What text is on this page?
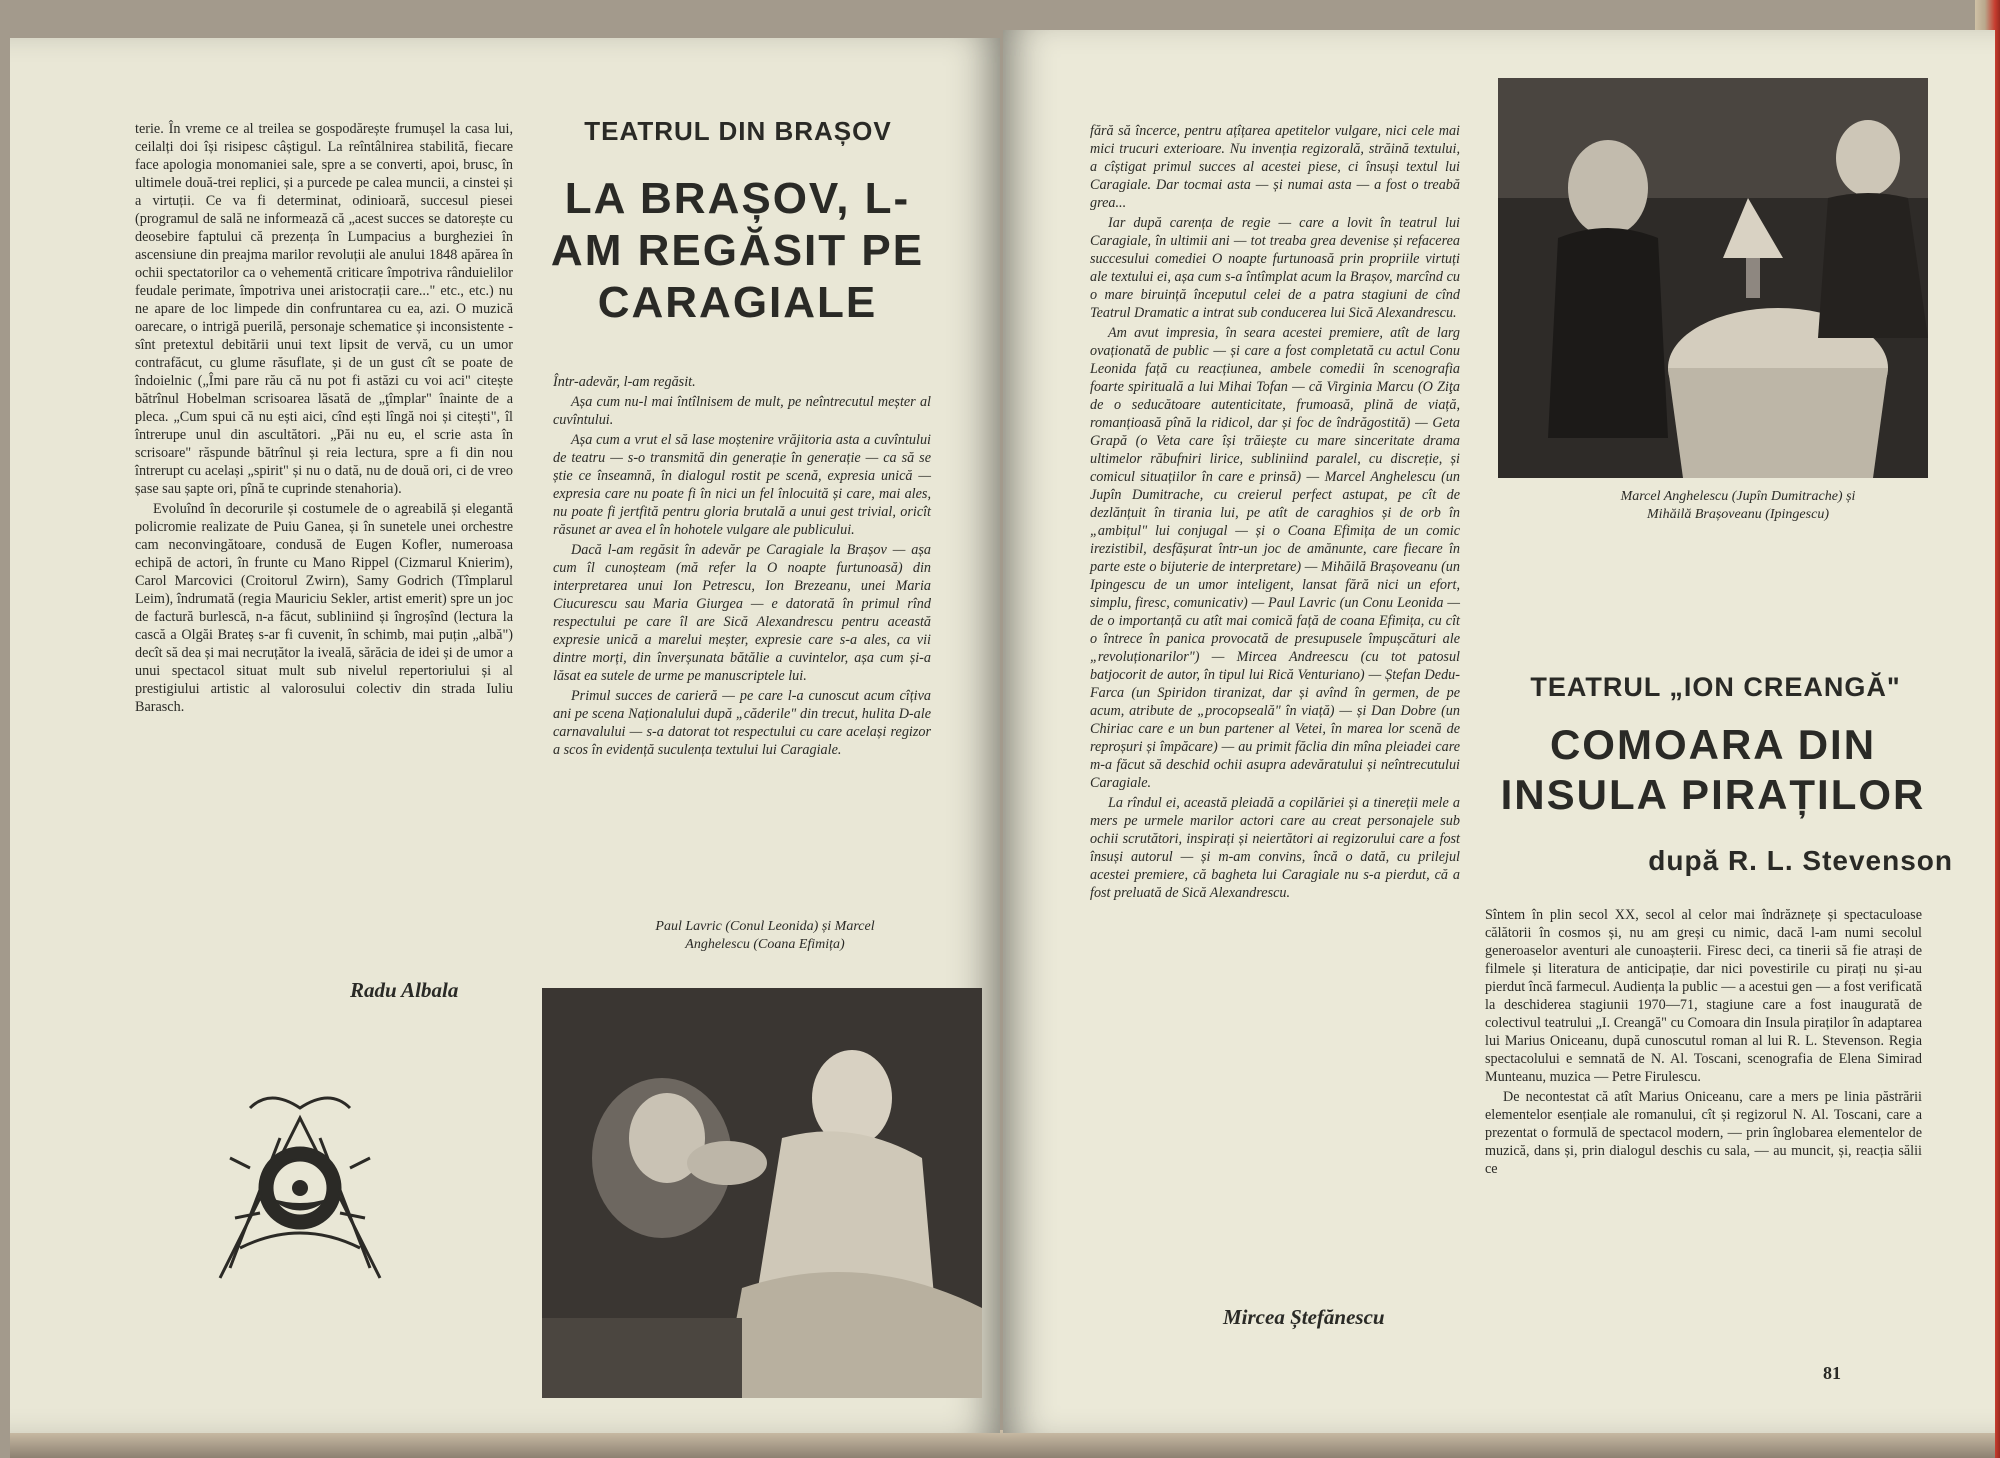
terie. În vreme ce al treilea se gospodărește frumușel la casa lui, ceilalți doi își risipesc câștigul. La reîntâlnirea stabilită, fiecare face apologia monomaniei sale, spre a se converti, apoi, brusc, în ultimele două-trei replici, și a purcede pe calea muncii, a cinstei și a virtuții. Ce va fi determinat, odinioară, succesul piesei (programul de sală ne informează că „acest succes se datorește cu deosebire faptului că prezența în Lumpacius a burgheziei în ascensiune din preajma marilor revoluții ale anului 1848 apărea în ochii spectatorilor ca o vehementă criticare împotriva rânduielilor feudale perimate, împotriva unei aristocrații care..." etc., etc.) nu ne apare de loc limpede din confruntarea cu ea, azi. O muzică oarecare, o intrigă puerilă, personaje schematice și inconsistente - sînt pretextul debitării unui text lipsit de vervă, cu un umor contrafăcut, cu glume răsuflate, și de un gust cît se poate de îndoielnic („Îmi pare rău că nu pot fi astăzi cu voi aci" citește bătrînul Hobelman scrisoarea lăsată de „ţîmplar" înainte de a pleca. „Cum spui că nu ești aici, cînd ești lîngă noi și citești", îl întrerupe unul din ascultători. „Păi nu eu, el scrie asta în scrisoare" răspunde bătrînul și reia lectura, spre a fi din nou întrerupt cu același „spirit" și nu o dată, nu de două ori, ci de vreo șase sau șapte ori, pînă te cuprinde stenahoria).

Evoluînd în decorurile și costumele de o agreabilă și elegantă policromie realizate de Puiu Ganea, și în sunetele unei orchestre cam neconvingătoare, condusă de Eugen Kofler, numeroasa echipă de actori, în frunte cu Mano Rippel (Cizmarul Knierim), Carol Marcovici (Croitorul Zwirn), Samy Godrich (Tîmplarul Leim), îndrumată (regia Mauriciu Sekler, artist emerit) spre un joc de factură burlescă, n-a făcut, subliniind și îngroșînd (lectura la cască a Olgăi Brateș s-ar fi cuvenit, în schimb, mai puțin „albă") decît să dea și mai necruțător la iveală, sărăcia de idei și de umor a unui spectacol situat mult sub nivelul repertoriului și al prestigiului artistic al valorosului colectiv din strada Iuliu Barasch.

Radu Albala
TEATRUL DIN BRAȘOV
LA BRAȘOV, L-AM REGĂSIT PE CARAGIALE

Într-adevăr, l-am regăsit.

Așa cum nu-l mai întîlnisem de mult, pe neîntrecutul meșter al cuvîntului.

Așa cum a vrut el să lase moștenire vrăjitoria asta a cuvîntului de teatru — s-o transmită din generație în generație — ca să se știe ce înseamnă, în dialogul rostit pe scenă, expresia unică — expresia care nu poate fi în nici un fel înlocuită și care, mai ales, nu poate fi jertfită pentru gloria brutală a unui gest trivial, oricît răsunet ar avea el în hohotele vulgare ale publicului.

Dacă l-am regăsit în adevăr pe Caragiale la Brașov — așa cum îl cunoșteam (mă refer la O noapte furtunoasă) din interpretarea unui Ion Petrescu, Ion Brezeanu, unei Maria Ciucurescu sau Maria Giurgea — e datorată în primul rînd respectului pe care îl are Sică Alexandrescu pentru această expresie unică a marelui meșter, expresie care s-a ales, ca vii dintre morți, din înverșunata bătălie a cuvintelor, așa cum și-a lăsat ea sutele de urme pe manuscriptele lui.

Primul succes de carieră — pe care l-a cunoscut acum cîțiva ani pe scena Naționalului după „căderile" din trecut, hulita D-ale carnavalului — s-a datorat tot respectului cu care același regizor a scos în evidență suculența textului lui Caragiale.

Paul Lavric (Conul Leonida) și Marcel Anghelescu (Coana Efimița)

fără să încerce, pentru ațîțarea apetitelor vulgare, nici cele mai mici trucuri exterioare. Nu invenția regizorală, străină textului, a cîștigat primul succes al acestei piese, ci însuși textul lui Caragiale. Dar tocmai asta — și numai asta — a fost o treabă grea...

Iar după carența de regie — care a lovit în teatrul lui Caragiale, în ultimii ani — tot treaba grea devenise și refacerea succesului comediei O noapte furtunoasă prin propriile virtuți ale textului ei, așa cum s-a întîmplat acum la Brașov, marcînd cu o mare biruință începutul celei de a patra stagiuni de cînd Teatrul Dramatic a intrat sub conducerea lui Sică Alexandrescu.

Am avut impresia, în seara acestei premiere, atît de larg ovaționată de public — și care a fost completată cu actul Conu Leonida față cu reacțiunea, ambele comedii în scenografia foarte spirituală a lui Mihai Tofan — că Virginia Marcu (O Ziţa de o seducătoare autenticitate, frumoasă, plină de viață, romanțioasă pînă la ridicol, dar și foc de îndrăgostită) — Geta Grapă (o Veta care își trăiește cu mare sinceritate drama ultimelor răbufniri lirice, subliniind paralel, cu discreție, și comicul situațiilor în care e prinsă) — Marcel Anghelescu (un Jupîn Dumitrache, cu creierul perfect astupat, pe cît de dezlănțuit în tirania lui, pe atît de caraghios și de orb în „ambițul" lui conjugal — și o Coana Efimița de un comic irezistibil, desfășurat într-un joc de amănunte, care fiecare în parte este o bijuterie de interpretare) — Mihăilă Brașoveanu (un Ipingescu de un umor inteligent, lansat fără nici un efort, simplu, firesc, comunicativ) — Paul Lavric (un Conu Leonida — de o importanță cu atît mai comică față de coana Efimița, cu cît o întrece în panica provocată de presupusele împușcături ale „revoluționarilor") — Mircea Andreescu (cu tot patosul batjocorit de autor, în tipul lui Rică Venturiano) — Ștefan Dedu-Farca (un Spiridon tiranizat, dar și avînd în germen, de pe acum, atribute de „procopseală" în viață) — și Dan Dobre (un Chiriac care e un bun partener al Vetei, în marea lor scenă de reproșuri și împăcare) — au primit făclia din mîna pleiadei care m-a făcut să deschid ochii asupra adevăratului și neîntrecutului Caragiale.

La rîndul ei, această pleiadă a copilăriei și a tinereții mele a mers pe urmele marilor actori care au creat personajele sub ochii scrutători, inspirați și neiertători ai regizorului care a fost însuși autorul — și m-am convins, încă o dată, cu prilejul acestei premiere, că bagheta lui Caragiale nu s-a pierdut, că a fost preluată de Sică Alexandrescu.

Mircea Ștefănescu
Marcel Anghelescu (Jupîn Dumitrache) și Mihăilă Brașoveanu (Ipingescu)
TEATRUL „ION CREANGĂ"
COMOARA DIN INSULA PIRAȚILOR
după R. L. Stevenson

Sîntem în plin secol XX, secol al celor mai îndrăznețe și spectaculoase călătorii în cosmos și, nu am greși cu nimic, dacă l-am numi secolul generoaselor aventuri ale cunoașterii. Firesc deci, ca tinerii să fie atrași de filmele și literatura de anticipație, dar nici povestirile cu pirați nu și-au pierdut încă farmecul. Audiența la public — a acestui gen — a fost verificată la deschiderea stagiunii 1970—71, stagiune care a fost inaugurată de colectivul teatrului „I. Creangă" cu Comoara din Insula piraților în adaptarea lui Marius Oniceanu, după cunoscutul roman al lui R. L. Stevenson. Regia spectacolului e semnată de N. Al. Toscani, scenografia de Elena Simirad Munteanu, muzica — Petre Firulescu.

De necontestat că atît Marius Oniceanu, care a mers pe linia păstrării elementelor esențiale ale romanului, cît și regizorul N. Al. Toscani, care a prezentat o formulă de spectacol modern, — prin înglobarea elementelor de muzică, dans și, prin dialogul deschis cu sala, — au muncit, și, reacția sălii ce

81
